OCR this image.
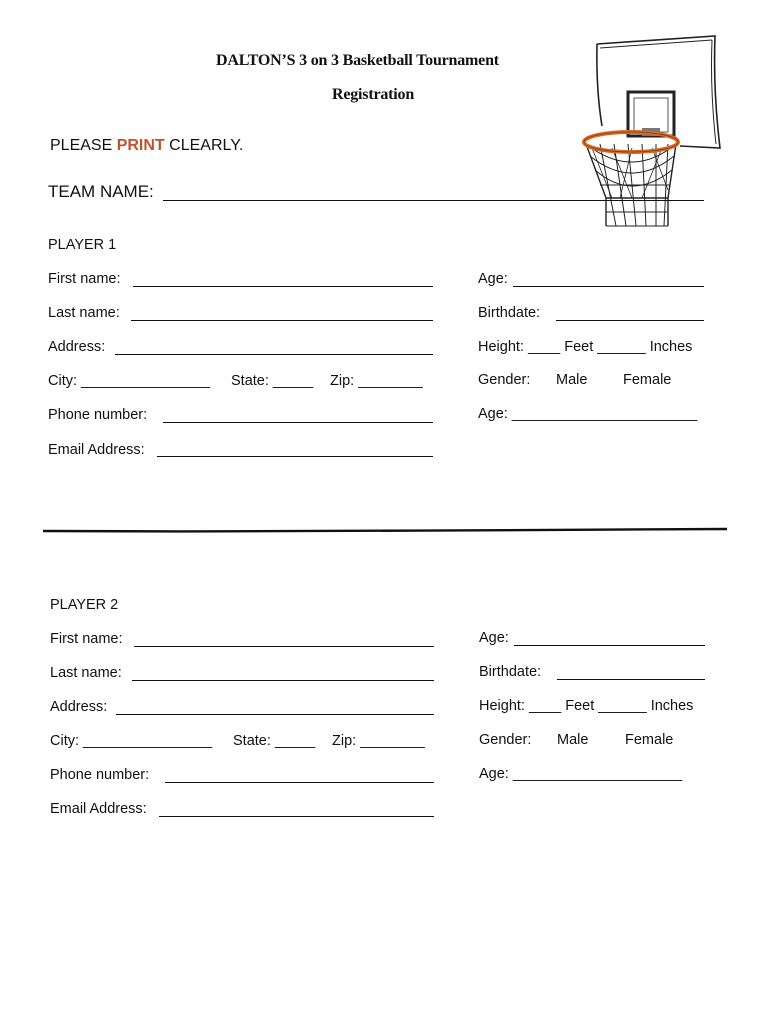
DALTON’S 3 on 3 Basketball Tournament
Registration
PLEASE PRINT CLEARLY.
TEAM NAME:
PLAYER 1
First name:
Last name:
Address:
City: ________________ State: _____ Zip: ________
Phone number:
Email Address:
Age:
Birthdate:
Height: ____ Feet ______ Inches
Gender: Male Female
Age: _______________________
PLAYER 2
First name:
Last name:
Address:
City: ________________ State: _____ Zip: ________
Phone number:
Email Address:
Age:
Birthdate:
Height: ____ Feet ______ Inches
Gender: Male	Female
Age: _____________________
